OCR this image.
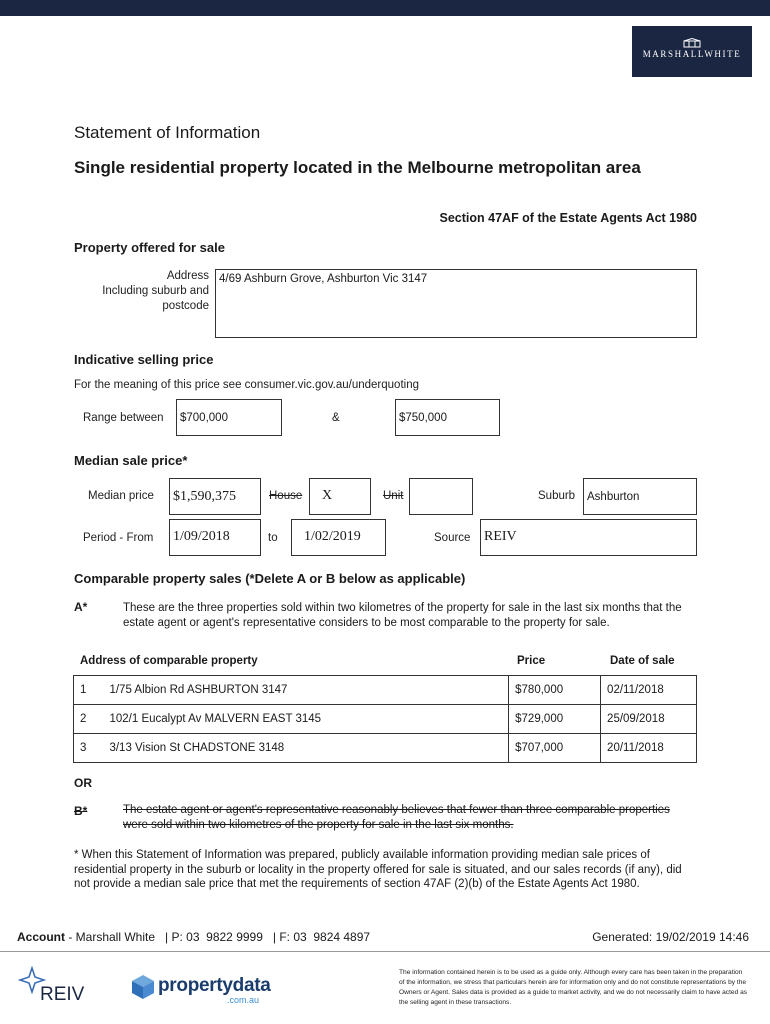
MARSHALLWHITE
Statement of Information
Single residential property located in the Melbourne metropolitan area
Section 47AF of the Estate Agents Act 1980
Property offered for sale
Address
Including suburb and
postcode
4/69 Ashburn Grove, Ashburton Vic 3147
Indicative selling price
For the meaning of this price see consumer.vic.gov.au/underquoting
Range between	$700,000	&	$750,000
Median sale price*
Median price $1,590,375	House	X	Unit	Suburb	Ashburton
Period - From 1/09/2018	to	1/02/2019	Source REIV
Comparable property sales (*Delete A or B below as applicable)
A*	These are the three properties sold within two kilometres of the property for sale in the last six months that the estate agent or agent's representative considers to be most comparable to the property for sale.
Address of comparable property	Price	Date of sale
1	1/75 Albion Rd ASHBURTON 3147	$780,000	02/11/2018
2	102/1 Eucalypt Av MALVERN EAST 3145	$729,000	25/09/2018
3	3/13 Vision St CHADSTONE 3148	$707,000	20/11/2018
OR
B*	The estate agent or agent's representative reasonably believes that fewer than three comparable properties were sold within two kilometres of the property for sale in the last six months.
* When this Statement of Information was prepared, publicly available information providing median sale prices of residential property in the suburb or locality in the property offered for sale is situated, and our sales records (if any), did not provide a median sale price that met the requirements of section 47AF (2)(b) of the Estate Agents Act 1980.
Account - Marshall White   | P: 03  9822 9999   | F: 03  9824 4897	Generated: 19/02/2019 14:46
REIV	propertydata
.com.au
The information contained herein is to be used as a guide only. Although every care has been taken in the preparation of the information, we stress that particulars herein are for information only and do not constitute representations by the Owners or Agent. Sales data is provided as a guide to market activity, and we do not necessarily claim to have acted as the selling agent in these transactions.
